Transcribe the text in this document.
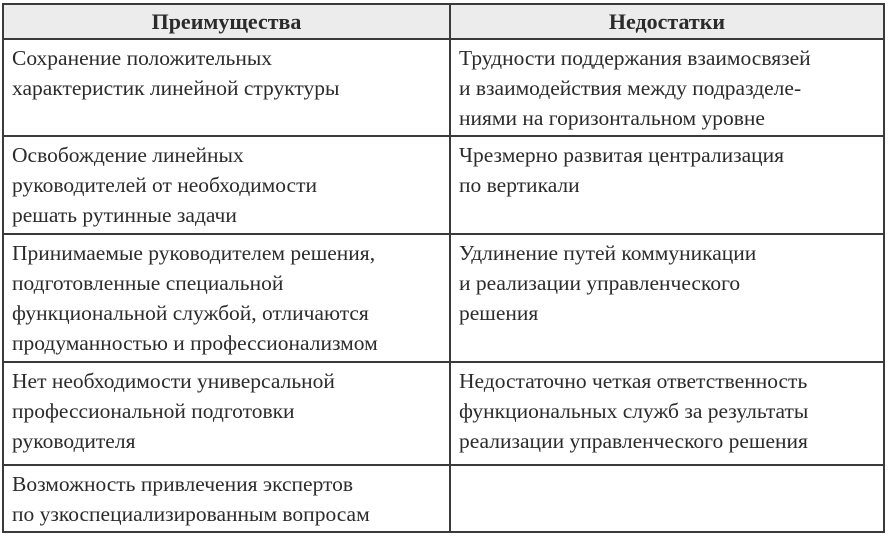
Преимущества	Недостатки

Сохранение положительных
характеристик линейной структуры	Трудности поддержания взаимосвязей
и взаимодействия между подразделе-
ниями на горизонтальном уровне

Освобождение линейных
руководителей от необходимости
решать рутинные задачи	Чрезмерно развитая централизация
по вертикали

Принимаемые руководителем решения,
подготовленные специальной
функциональной службой, отличаются
продуманностью и профессионализмом	Удлинение путей коммуникации
и реализации управленческого
решения

Нет необходимости универсальной
профессиональной подготовки
руководителя	Недостаточно четкая ответственность
функциональных служб за результаты
реализации управленческого решения

Возможность привлечения экспертов
по узкоспециализированным вопросам	
